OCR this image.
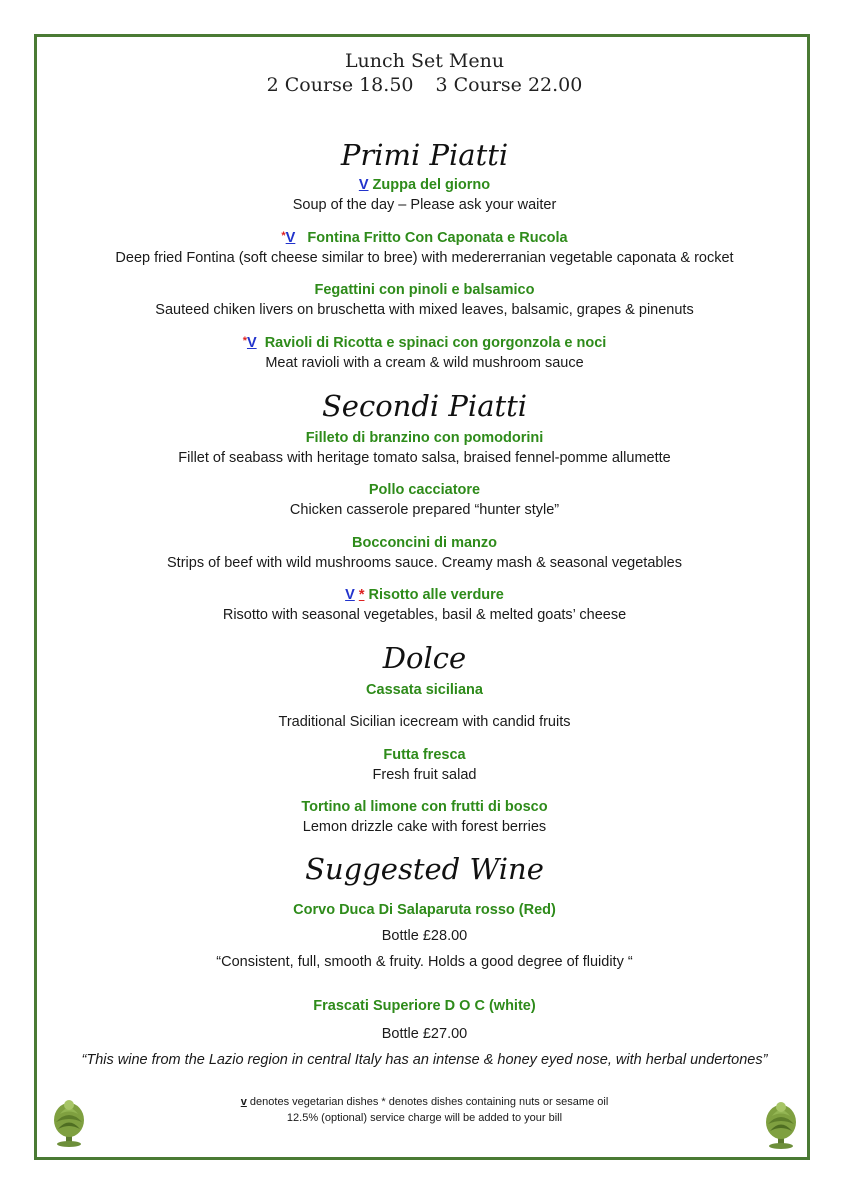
Lunch Set Menu
2 Course 18.50 3 Course 22.00
Primi Piatti
V Zuppa del giorno
Soup of the day – Please ask your waiter
*V Fontina Fritto Con Caponata e Rucola
Deep fried Fontina (soft cheese similar to bree) with medererranian vegetable caponata & rocket
Fegattini con pinoli e balsamico
Sauteed chiken livers on bruschetta with mixed leaves, balsamic, grapes & pinenuts
*V Ravioli di Ricotta e spinaci con gorgonzola e noci
Meat ravioli with a cream & wild mushroom sauce
Secondi Piatti
Filleto di branzino con pomodorini
Fillet of seabass with heritage tomato salsa, braised fennel-pomme allumette
Pollo cacciatore
Chicken casserole prepared “hunter style”
Bocconcini di manzo
Strips of beef with wild mushrooms sauce. Creamy mash & seasonal vegetables
V * Risotto alle verdure
Risotto with seasonal vegetables, basil & melted goats’ cheese
Dolce
Cassata siciliana
Traditional Sicilian icecream with candid fruits
Futta fresca
Fresh fruit salad
Tortino al limone con frutti di bosco
Lemon drizzle cake with forest berries
Suggested Wine
Corvo Duca Di Salaparuta rosso (Red)
Bottle £28.00
“Consistent, full, smooth & fruity. Holds a good degree of fluidity “
Frascati Superiore D O C (white)
Bottle £27.00
“This wine from the Lazio region in central Italy has an intense & honey eyed nose, with herbal undertones”
v denotes vegetarian dishes * denotes dishes containing nuts or sesame oil
12.5% (optional) service charge will be added to your bill
